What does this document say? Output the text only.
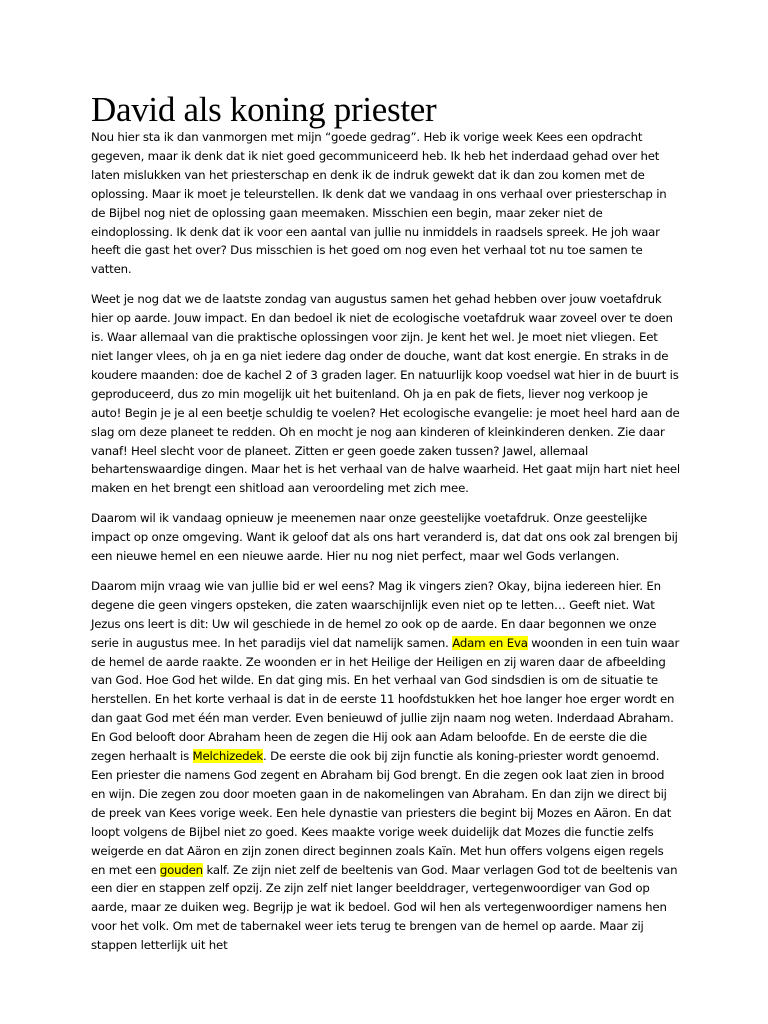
David als koning priester

Nou hier sta ik dan vanmorgen met mijn “goede gedrag”. Heb ik vorige week Kees een opdracht gegeven, maar ik denk dat ik niet goed gecommuniceerd heb. Ik heb het inderdaad gehad over het laten mislukken van het priesterschap en denk ik de indruk gewekt dat ik dan zou komen met de oplossing. Maar ik moet je teleurstellen. Ik denk dat we vandaag in ons verhaal over priesterschap in de Bijbel nog niet de oplossing gaan meemaken. Misschien een begin, maar zeker niet de eindoplossing. Ik denk dat ik voor een aantal van jullie nu inmiddels in raadsels spreek. He joh waar heeft die gast het over? Dus misschien is het goed om nog even het verhaal tot nu toe samen te vatten.

Weet je nog dat we de laatste zondag van augustus samen het gehad hebben over jouw voetafdruk hier op aarde. Jouw impact. En dan bedoel ik niet de ecologische voetafdruk waar zoveel over te doen is. Waar allemaal van die praktische oplossingen voor zijn. Je kent het wel. Je moet niet vliegen. Eet niet langer vlees, oh ja en ga niet iedere dag onder de douche, want dat kost energie. En straks in de koudere maanden: doe de kachel 2 of 3 graden lager. En natuurlijk koop voedsel wat hier in de buurt is geproduceerd, dus zo min mogelijk uit het buitenland. Oh ja en pak de fiets, liever nog verkoop je auto! Begin je je al een beetje schuldig te voelen? Het ecologische evangelie: je moet heel hard aan de slag om deze planeet te redden. Oh en mocht je nog aan kinderen of kleinkinderen denken. Zie daar vanaf! Heel slecht voor de planeet. Zitten er geen goede zaken tussen? Jawel, allemaal behartenswaardige dingen. Maar het is het verhaal van de halve waarheid. Het gaat mijn hart niet heel maken en het brengt een shitload aan veroordeling met zich mee.

Daarom wil ik vandaag opnieuw je meenemen naar onze geestelijke voetafdruk. Onze geestelijke impact op onze omgeving. Want ik geloof dat als ons hart veranderd is, dat dat ons ook zal brengen bij een nieuwe hemel en een nieuwe aarde. Hier nu nog niet perfect, maar wel Gods verlangen.

Daarom mijn vraag wie van jullie bid er wel eens? Mag ik vingers zien? Okay, bijna iedereen hier. En degene die geen vingers opsteken, die zaten waarschijnlijk even niet op te letten… Geeft niet. Wat Jezus ons leert is dit: Uw wil geschiede in de hemel zo ook op de aarde. En daar begonnen we onze serie in augustus mee. In het paradijs viel dat namelijk samen. Adam en Eva woonden in een tuin waar de hemel de aarde raakte. Ze woonden er in het Heilige der Heiligen en zij waren daar de afbeelding van God. Hoe God het wilde. En dat ging mis. En het verhaal van God sindsdien is om de situatie te herstellen. En het korte verhaal is dat in de eerste 11 hoofdstukken het hoe langer hoe erger wordt en dan gaat God met één man verder. Even benieuwd of jullie zijn naam nog weten. Inderdaad Abraham. En God belooft door Abraham heen de zegen die Hij ook aan Adam beloofde. En de eerste die die zegen herhaalt is Melchizedek. De eerste die ook bij zijn functie als koning-priester wordt genoemd. Een priester die namens God zegent en Abraham bij God brengt. En die zegen ook laat zien in brood en wijn. Die zegen zou door moeten gaan in de nakomelingen van Abraham. En dan zijn we direct bij de preek van Kees vorige week. Een hele dynastie van priesters die begint bij Mozes en Aäron. En dat loopt volgens de Bijbel niet zo goed. Kees maakte vorige week duidelijk dat Mozes die functie zelfs weigerde en dat Aäron en zijn zonen direct beginnen zoals Kaïn. Met hun offers volgens eigen regels en met een gouden kalf. Ze zijn niet zelf de beeltenis van God. Maar verlagen God tot de beeltenis van een dier en stappen zelf opzij. Ze zijn zelf niet langer beelddrager, vertegenwoordiger van God op aarde, maar ze duiken weg. Begrijp je wat ik bedoel. God wil hen als vertegenwoordiger namens hen voor het volk. Om met de tabernakel weer iets terug te brengen van de hemel op aarde. Maar zij stappen letterlijk uit het
